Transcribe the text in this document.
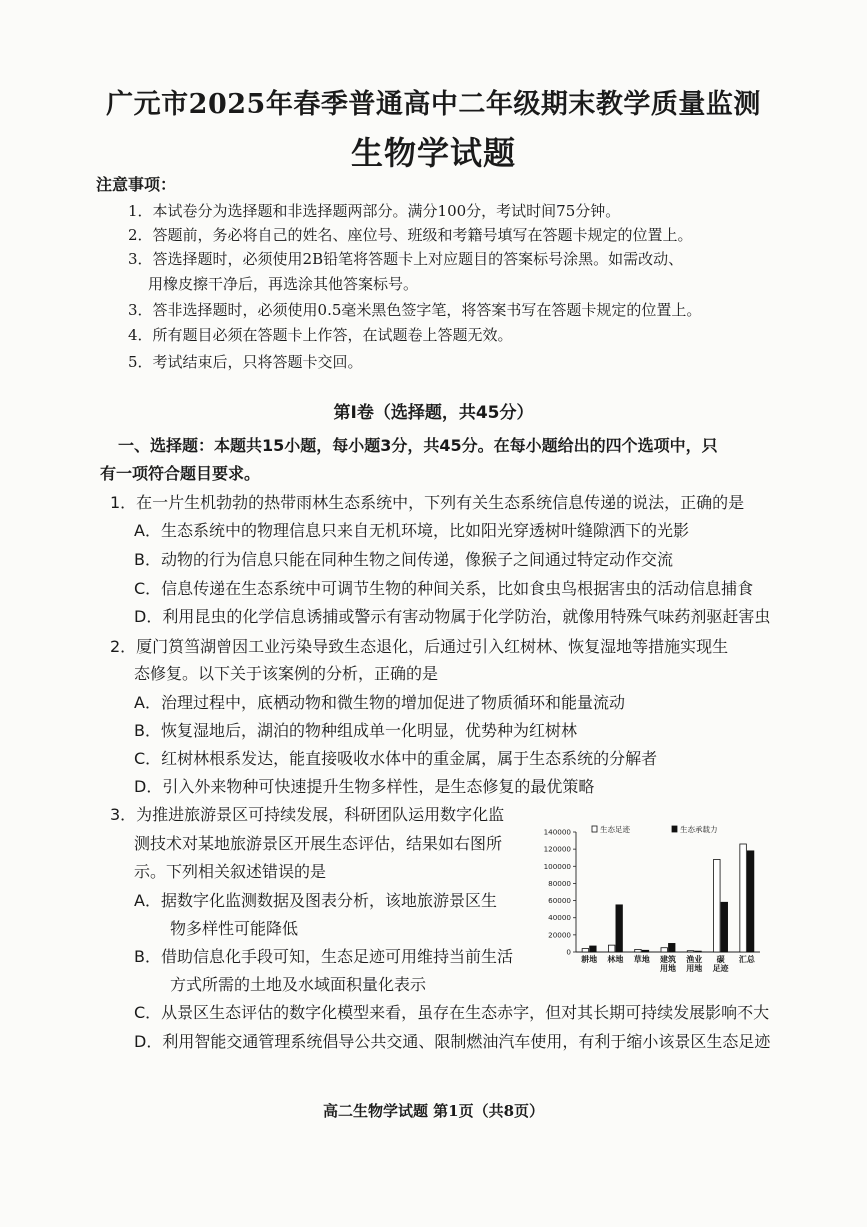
广元市2025年春季普通高中二年级期末教学质量监测
生物学试题
注意事项：
1．本试卷分为选择题和非选择题两部分。满分100分，考试时间75分钟。
2．答题前，务必将自己的姓名、座位号、班级和考籍号填写在答题卡规定的位置上。
3．答选择题时，必须使用2B铅笔将答题卡上对应题目的答案标号涂黑。如需改动、
用橡皮擦干净后，再选涂其他答案标号。
3．答非选择题时，必须使用0.5毫米黑色签字笔，将答案书写在答题卡规定的位置上。
4．所有题目必须在答题卡上作答，在试题卷上答题无效。
5．考试结束后，只将答题卡交回。
第Ⅰ卷（选择题，共45分）
一、选择题：本题共15小题，每小题3分，共45分。在每小题给出的四个选项中，只
有一项符合题目要求。
1．在一片生机勃勃的热带雨林生态系统中，下列有关生态系统信息传递的说法，正确的是
A．生态系统中的物理信息只来自无机环境，比如阳光穿透树叶缝隙洒下的光影
B．动物的行为信息只能在同种生物之间传递，像猴子之间通过特定动作交流
C．信息传递在生态系统中可调节生物的种间关系，比如食虫鸟根据害虫的活动信息捕食
D．利用昆虫的化学信息诱捕或警示有害动物属于化学防治，就像用特殊气味药剂驱赶害虫
2．厦门筼筜湖曾因工业污染导致生态退化，后通过引入红树林、恢复湿地等措施实现生
态修复。以下关于该案例的分析，正确的是
A．治理过程中，底栖动物和微生物的增加促进了物质循环和能量流动
B．恢复湿地后，湖泊的物种组成单一化明显，优势种为红树林
C．红树林根系发达，能直接吸收水体中的重金属，属于生态系统的分解者
D．引入外来物种可快速提升生物多样性，是生态修复的最优策略
3．为推进旅游景区可持续发展，科研团队运用数字化监
测技术对某地旅游景区开展生态评估，结果如右图所
示。下列相关叙述错误的是
A．据数字化监测数据及图表分析，该地旅游景区生
物多样性可能降低
B．借助信息化手段可知，生态足迹可用维持当前生活
方式所需的土地及水域面积量化表示
C．从景区生态评估的数字化模型来看，虽存在生态赤字，但对其长期可持续发展影响不大
D．利用智能交通管理系统倡导公共交通、限制燃油汽车使用，有利于缩小该景区生态足迹
0
20000
40000
60000
80000
100000
120000
140000	生态足迹	生态承载力
耕地 林地 草地 建筑
用地
渔业
用地
碳
足迹
汇总
高二生物学试题 第1页（共8页）
